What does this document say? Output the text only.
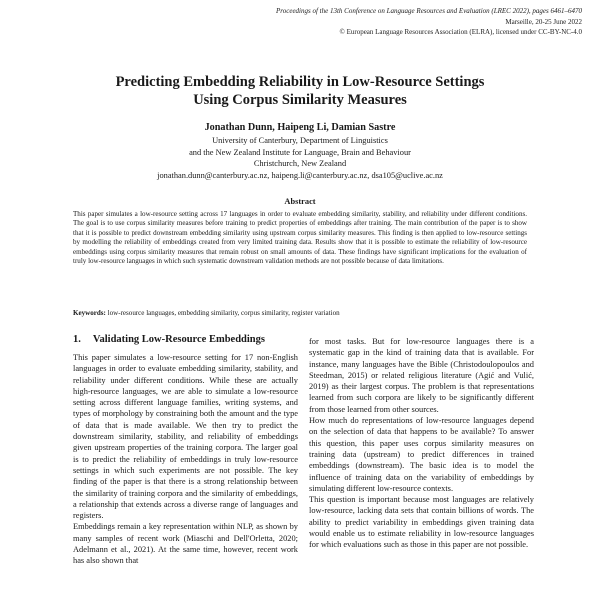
Proceedings of the 13th Conference on Language Resources and Evaluation (LREC 2022), pages 6461–6470
Marseille, 20-25 June 2022
© European Language Resources Association (ELRA), licensed under CC-BY-NC-4.0
Predicting Embedding Reliability in Low-Resource Settings
Using Corpus Similarity Measures
Jonathan Dunn, Haipeng Li, Damian Sastre
University of Canterbury, Department of Linguistics
and the New Zealand Institute for Language, Brain and Behaviour
Christchurch, New Zealand
jonathan.dunn@canterbury.ac.nz, haipeng.li@canterbury.ac.nz, dsa105@uclive.ac.nz
Abstract
This paper simulates a low-resource setting across 17 languages in order to evaluate embedding similarity, stability, and reliability under different conditions. The goal is to use corpus similarity measures before training to predict properties of embeddings after training. The main contribution of the paper is to show that it is possible to predict downstream embedding similarity using upstream corpus similarity measures. This finding is then applied to low-resource settings by modelling the reliability of embeddings created from very limited training data. Results show that it is possible to estimate the reliability of low-resource embeddings using corpus similarity measures that remain robust on small amounts of data. These findings have significant implications for the evaluation of truly low-resource languages in which such systematic downstream validation methods are not possible because of data limitations.
Keywords: low-resource languages, embedding similarity, corpus similarity, register variation
1. Validating Low-Resource Embeddings

This paper simulates a low-resource setting for 17 non-English languages in order to evaluate embedding similarity, stability, and reliability under different conditions. While these are actually high-resource languages, we are able to simulate a low-resource setting across different language families, writing systems, and types of morphology by constraining both the amount and the type of data that is made available. We then try to predict the downstream similarity, stability, and reliability of embeddings given upstream properties of the training corpora. The larger goal is to predict the reliability of embeddings in truly low-resource settings in which such experiments are not possible. The key finding of the paper is that there is a strong relationship between the similarity of training corpora and the similarity of embeddings, a relationship that extends across a diverse range of languages and registers.

Embeddings remain a key representation within NLP, as shown by many samples of recent work (Miaschi and Dell'Orletta, 2020; Adelmann et al., 2021). At the same time, however, recent work has also shown that

for most tasks. But for low-resource languages there is a systematic gap in the kind of training data that is available. For instance, many languages have the Bible (Christodoulopoulos and Steedman, 2015) or related religious literature (Agić and Vulić, 2019) as their largest corpus. The problem is that representations learned from such corpora are likely to be significantly different from those learned from other sources.

How much do representations of low-resource languages depend on the selection of data that happens to be available? To answer this question, this paper uses corpus similarity measures on training data (upstream) to predict differences in trained embeddings (downstream). The basic idea is to model the influence of training data on the variability of embeddings by simulating different low-resource contexts.

This question is important because most languages are relatively low-resource, lacking data sets that contain billions of words. The ability to predict variability in embeddings given training data would enable us to estimate reliability in low-resource languages for which evaluations such as those in this paper are not possible.
